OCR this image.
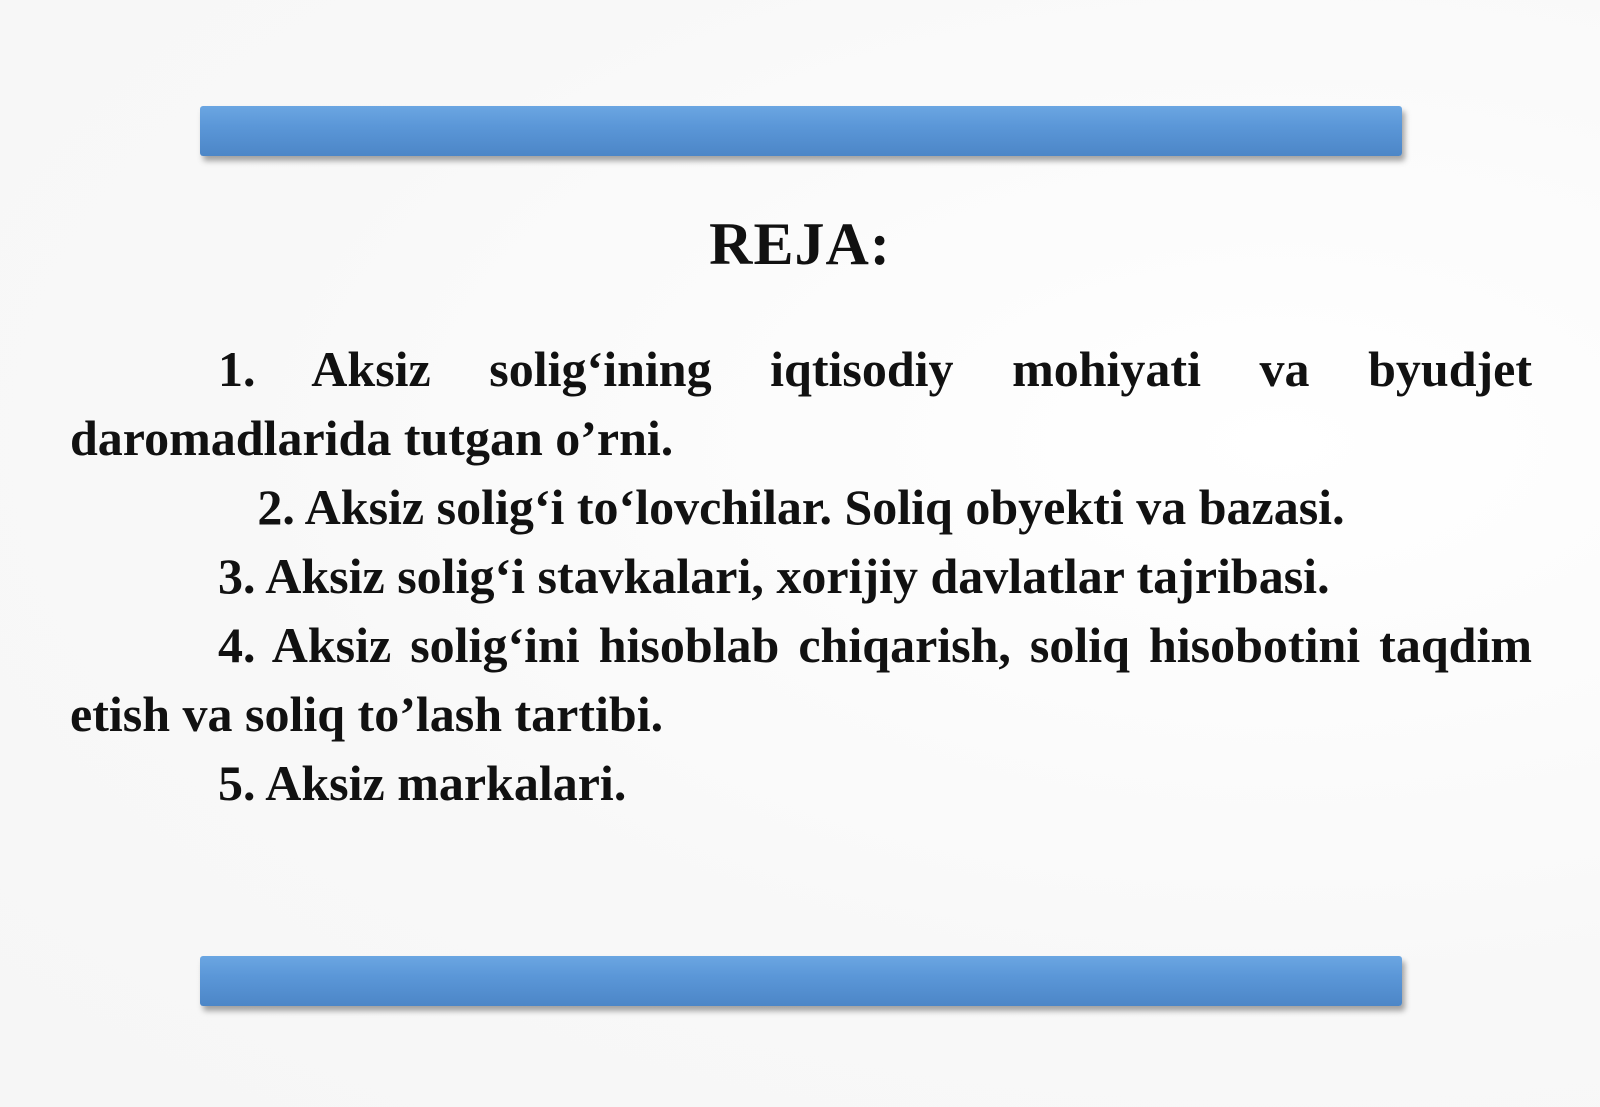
REJA:

1. Aksiz solig‘ining iqtisodiy mohiyati va byudjet daromadlarida tutgan o’rni.

2. Aksiz solig‘i to‘lovchilar. Soliq obyekti va bazasi.

3. Aksiz solig‘i stavkalari, xorijiy davlatlar tajribasi.

4. Aksiz solig‘ini hisoblab chiqarish, soliq hisobotini taqdim etish va soliq to’lash tartibi.

5. Aksiz markalari.
